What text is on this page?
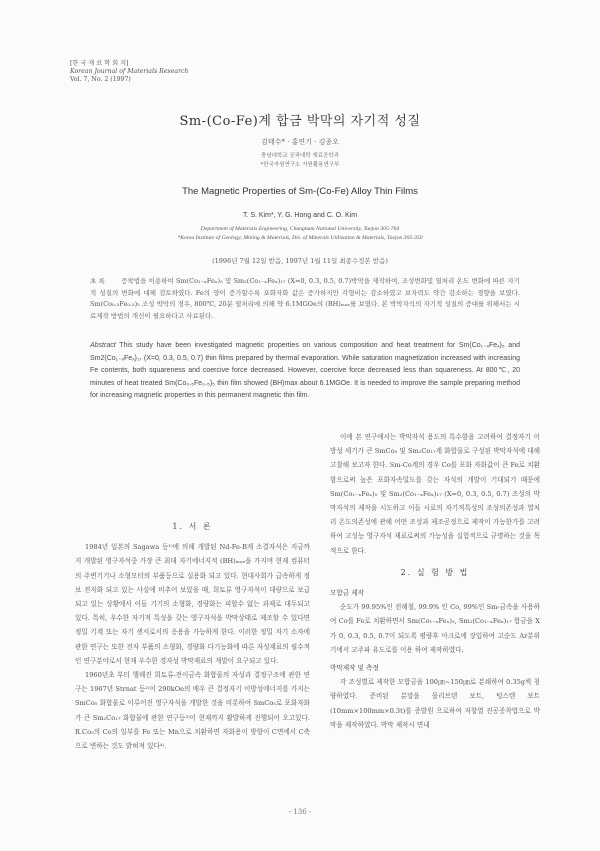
[한 국 재 료 학 회 지]
Korean Journal of Materials Research
Vol. 7, No. 2 (1997)
Sm-(Co-Fe)계 합금 박막의 자기적 성질
김태수* · 홍연기 · 김종오
충남대학교 공과대학 재료공학과
*한국자원연구소 자원활용연구부
The Magnetic Properties of Sm-(Co-Fe) Alloy Thin Films
T. S. Kim*, Y. G. Hong and C. O. Kim
Department of Materials Engineering, Chungnam National University, Taejon 305-764
*Korea Institute of Geology, Mining & Materials, Div. of Minerals Utilization & Materials, Taejon 305-350
(1996년 7월 12일 받음, 1997년 1월 11일 최종수정본 받음)
초 록	증착법을 이용하여 Sm(Co₁₋ₓFeₓ)₅ 및 Sm₂(Co₁₋ₓFeₓ)₁₇ (X=0, 0.3, 0.5, 0.7)박막을 제작하여, 조성변화및 열처리 온도 변화에 따른 자기적 성질의 변화에 대해 검토하였다. Fe의 양이 증가할수록 포화자화 값은 증가하지만 각형비는 감소하였고 보자력도 약간 감소하는 경향을 보였다. Sm(Co₀.₅Fe₀.₅)₅ 조성 박막의 경우, 800℃, 20분 열처리에 의해 약 6.1MGOe의 (BH)ₘₐₓ를 보였다. 본 박막자석의 자기적 성질의 증대를 위해서는 시료제작 방법의 개선이 필요하다고 사료된다.
Abstract This study have been investigated magnetic properties on various composition and heat treatment for Sm(Co₁₋ₓFeₓ)₅ and Sm2(Co₁₋ₓFeₓ)₁₇ (X=0, 0.3, 0.5, 0.7) thin films prepared by thermal evaporation. While saturation magnetization increased with increasing Fe contents, both squareness and coercive force decreased. However, coercive force decreased less than squareness. At 800℃, 20 minutes of heat treated Sm(Co₀.₅Fe₀.₅)₅ thin film showed (BH)max about 6.1MGOe. It is needed to improve the sample preparing method for increasing magnetic properties in this permanent magnetic thin film.
1. 서 론

1984년 일본의 Sagawa 등¹⁾에 의해 개발된 Nd-Fe-B계 소결자석은 지금까지 개발된 영구자석중 가장 큰 최대 자기에너지적 (BH)ₘₐₓ을 가지며 현재 컴퓨터의 주변기기나 소형모터의 부품등으로 실용화 되고 있다. 현대사회가 급속하게 정보 전자화 되고 있는 사실에 비추어 보았을 때, 희토류 영구자석이 대량으로 보급되고 있는 상황에서 이들 기기의 소형화, 경량화는 피할수 없는 과제로 대두되고 있다. 특히, 우수한 자기적 특성을 갖는 영구자석을 박막상태로 제조할 수 있다면 정밀 기계 또는 자기 센서로서의 응용을 가능하게 한다. 이러한 정밀 자기 소자에 관한 연구는 또한 전자 부품의 소형화, 경량화 다기능화에 따른 자성재료의 필수적인 연구분야로서 현재 우수한 경자성 박막재료의 개발이 요구되고 있다.

1960년초 부터 행해진 희토류-전이금속 화합물의 자성과 결정구조에 관한 연구는 1967년 Strnat 등²⁾이 290kOe의 매우 큰 결정자기 이방성에너지를 가지는 SmCo₅ 화합물로 이루어진 영구자석을 개발한 것을 비롯하여 SmCo₅로 포화자화가 큰 Sm₂Co₁₇ 화합물에 관한 연구등³⁾이 현재까지 활발하게 진행되어 오고있다. R.Co₅의 Co의 일부를 Fe 또는 Mn으로 치환하면 자화용이 방향이 C면에서 C축으로 변하는 것도 밝혀져 있다⁴⁾.

이에 본 연구에서는 박막자석 용도의 특수함을 고려하여 결정자기 이방성 세기가 큰 SmCo₅ 및 Sm₂Co₁₇계 화합물로 구성된 박막자석에 대해 고찰해 보고자 한다. Sm-Co계의 경우 Co를 포화 자화값이 큰 Fe로 치환함으로써 높은 포화자속밀도를 갖는 자석의 개발이 기대되기 때문에 Sm(Co₁₋ₓFeₓ)₅ 및 Sm₂(Co₁₋ₓFeₓ)₁₇ (X=0, 0.3, 0.5, 0.7) 조성의 박막자석의 제작을 시도하고 이들 시료의 자기적특성의 조성의존성과 열처리 온도의존성에 관해 어떤 조성과 제조공정으로 제작이 가능한가를 고려하여 고성능 영구자석 재료로써의 가능성을 실험적으로 규명하는 것을 목적으로 한다.

2. 실 험 방 법
모합금 제작

순도가 99.95%인 전해철, 99.9% 인 Co, 99%인 Sm-금속을 사용하여 Co를 Fe로 치환하면서 Sm(Co₁₋ₓFeₓ)₅, Sm₂(Co₁₋ₓFeₓ)₁₇ 합금을 X가 0, 0.3, 0.5, 0.7이 되도록 평량후 아크로에 장입하여 고순도 Ar분위기에서 고주파 유도로를 이용 하여 제작하였다.

박막제작 및 측정

각 조성별로 제작한 모합금을 100㎛~150㎛로 분쇄하여 0.35g씩 칭량하였다. 준비된 분말을 몰리브덴 보트, 텅스텐 보트(10mm×100mm×0.3t)를 증발원 으로하여 저항열 진공증착법으로 박막을 제작하였다. 박막 제작시 면내

- 136 -
